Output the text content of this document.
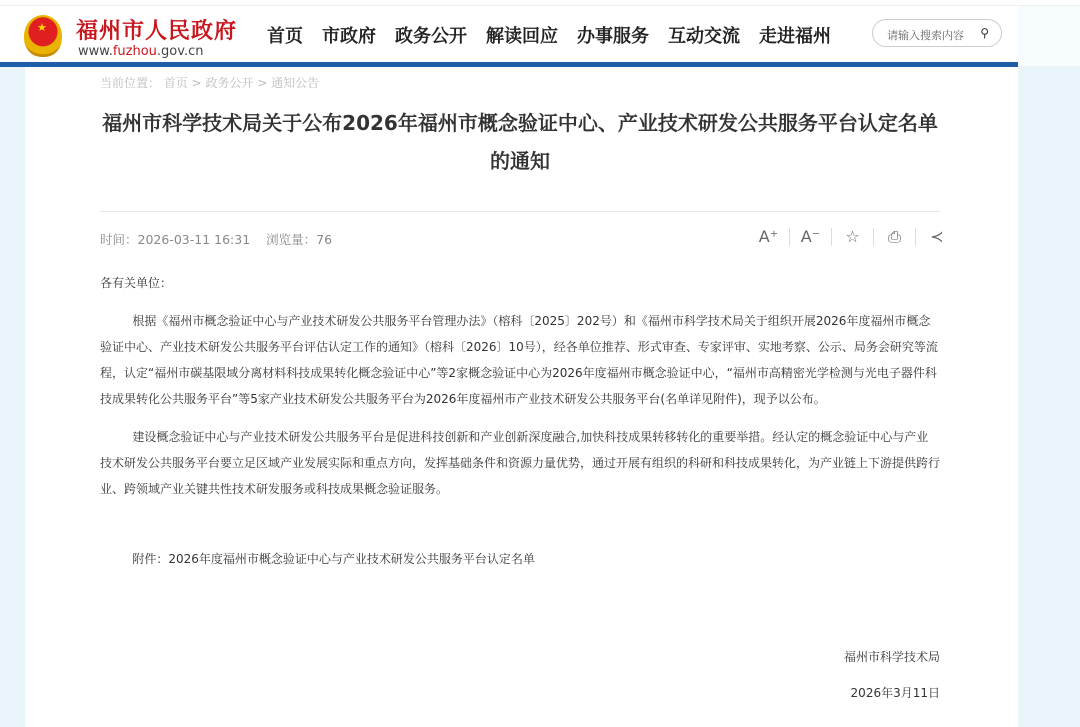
★ 福州市人民政府
www.fuzhou.gov.cn
首页 市政府 政务公开 解读回应 办事服务 互动交流 走进福州	请输入搜索内容 ⚲
当前位置： 首页 > 政务公开 > 通知公告
福州市科学技术局关于公布2026年福州市概念验证中心、产业技术研发公共服务平台认定名单的通知
时间：2026-03-11 16:31 浏览量：76	A⁺	A⁻	☆	⎙	≺
各有关单位：
根据《福州市概念验证中心与产业技术研发公共服务平台管理办法》（榕科〔2025〕202号）和《福州市科学技术局关于组织开展2026年度福州市概念验证中心、产业技术研发公共服务平台评估认定工作的通知》（榕科〔2026〕10号），经各单位推荐、形式审查、专家评审、实地考察、公示、局务会研究等流程，认定“福州市碳基限域分离材料科技成果转化概念验证中心”等2家概念验证中心为2026年度福州市概念验证中心，“福州市高精密光学检测与光电子器件科技成果转化公共服务平台”等5家产业技术研发公共服务平台为2026年度福州市产业技术研发公共服务平台(名单详见附件)，现予以公布。
建设概念验证中心与产业技术研发公共服务平台是促进科技创新和产业创新深度融合,加快科技成果转移转化的重要举措。经认定的概念验证中心与产业技术研发公共服务平台要立足区域产业发展实际和重点方向，发挥基础条件和资源力量优势，通过开展有组织的科研和科技成果转化，为产业链上下游提供跨行业、跨领域产业关键共性技术研发服务或科技成果概念验证服务。
附件：2026年度福州市概念验证中心与产业技术研发公共服务平台认定名单
福州市科学技术局
2026年3月11日
